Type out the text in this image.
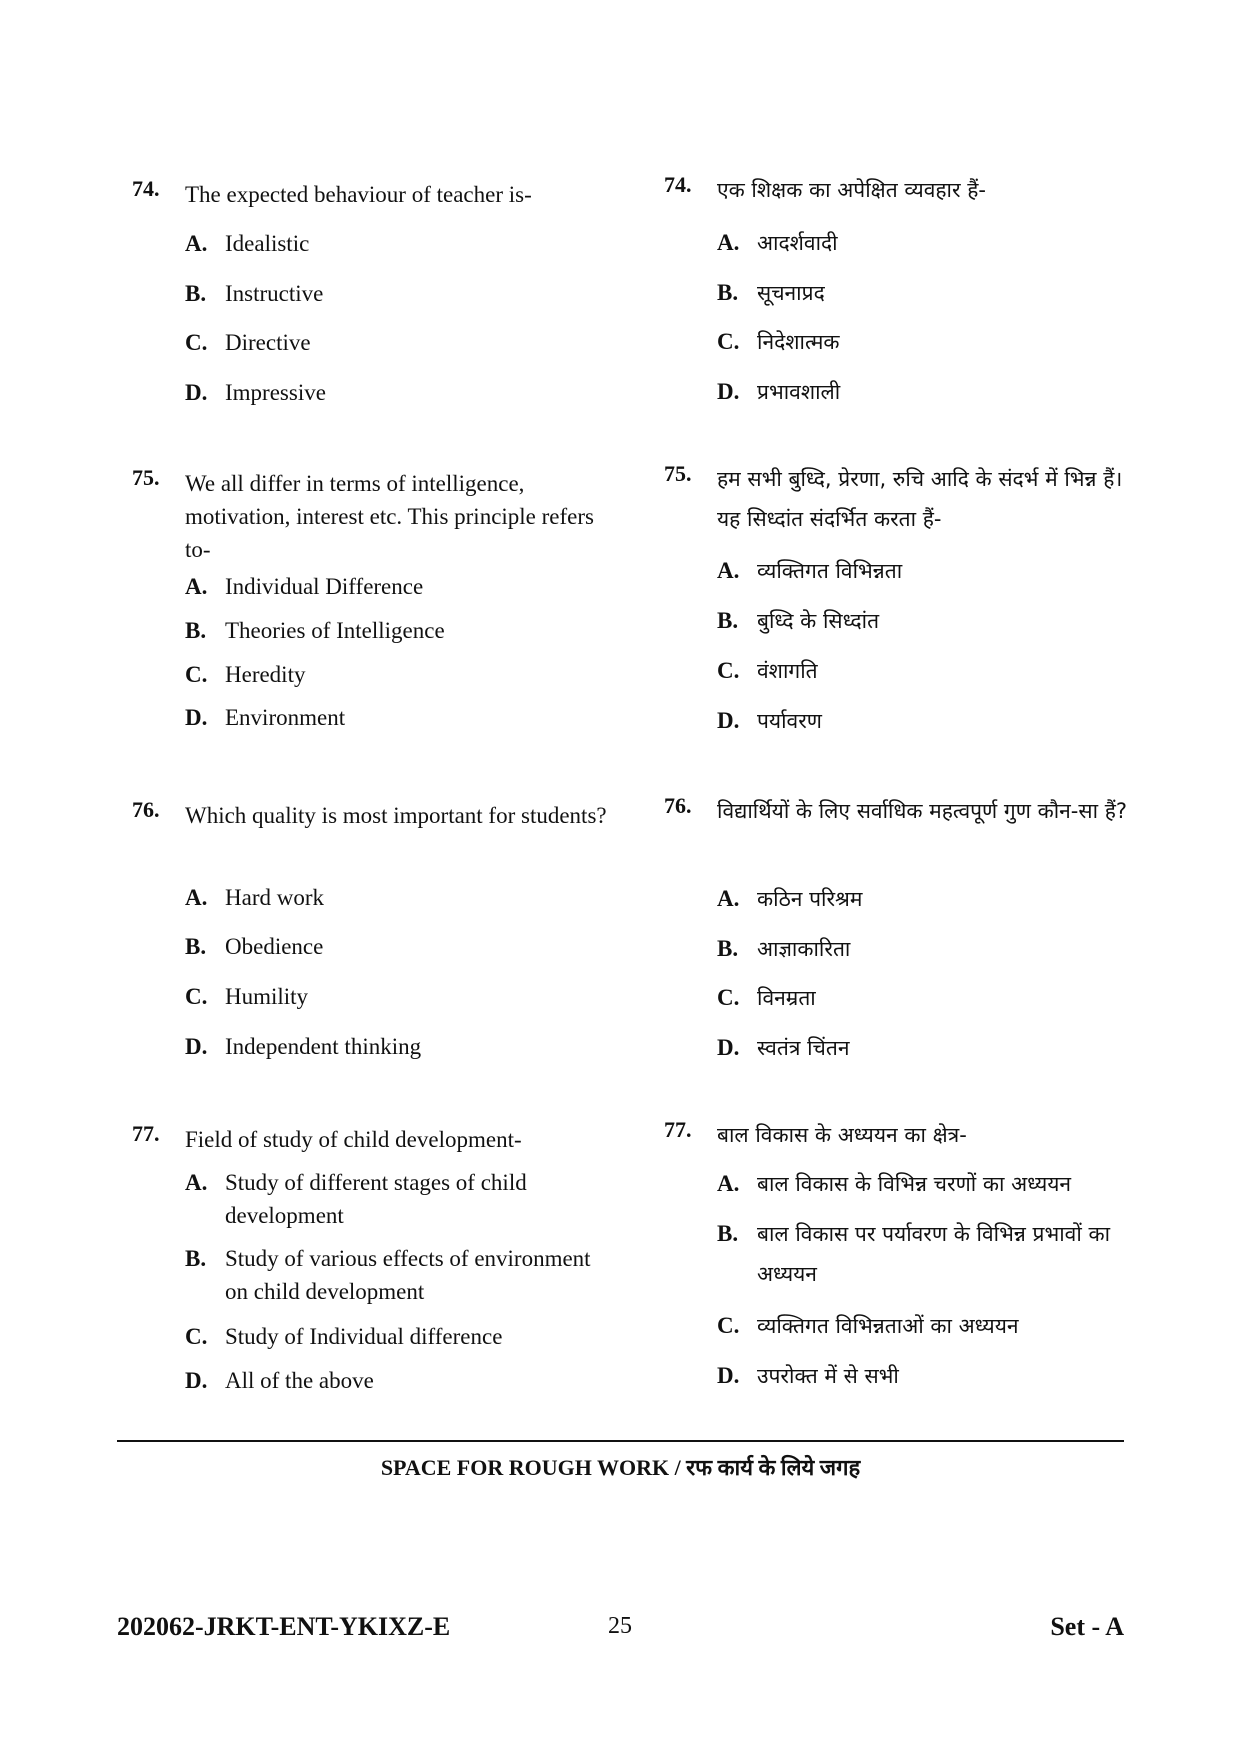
74. The expected behaviour of teacher is-
A. Idealistic
B. Instructive
C. Directive
D. Impressive
75. We all differ in terms of intelligence, motivation, interest etc. This principle refers to-
A. Individual Difference
B. Theories of Intelligence
C. Heredity
D. Environment
76. Which quality is most important for students?
A. Hard work
B. Obedience
C. Humility
D. Independent thinking
77. Field of study of child development-
A. Study of different stages of child development
B. Study of various effects of environment on child development
C. Study of Individual difference
D. All of the above
74. एक शिक्षक का अपेक्षित व्यवहार हैं-
A. आदर्शवादी
B. सूचनाप्रद
C. निदेशात्मक
D. प्रभावशाली
75. हम सभी बुध्दि, प्रेरणा, रुचि आदि के संदर्भ में भिन्न हैं। यह सिध्दांत संदर्भित करता हैं-
A. व्यक्तिगत विभिन्नता
B. बुध्दि के सिध्दांत
C. वंशागति
D. पर्यावरण
76. विद्यार्थियों के लिए सर्वाधिक महत्वपूर्ण गुण कौन-सा हैं?
A. कठिन परिश्रम
B. आज्ञाकारिता
C. विनम्रता
D. स्वतंत्र चिंतन
77. बाल विकास के अध्ययन का क्षेत्र-
A. बाल विकास के विभिन्न चरणों का अध्ययन
B. बाल विकास पर पर्यावरण के विभिन्न प्रभावों का अध्ययन
C. व्यक्तिगत विभिन्नताओं का अध्ययन
D. उपरोक्त में से सभी
SPACE FOR ROUGH WORK / रफ कार्य के लिये जगह
202062-JRKT-ENT-YKIXZ-E	25	Set - A
